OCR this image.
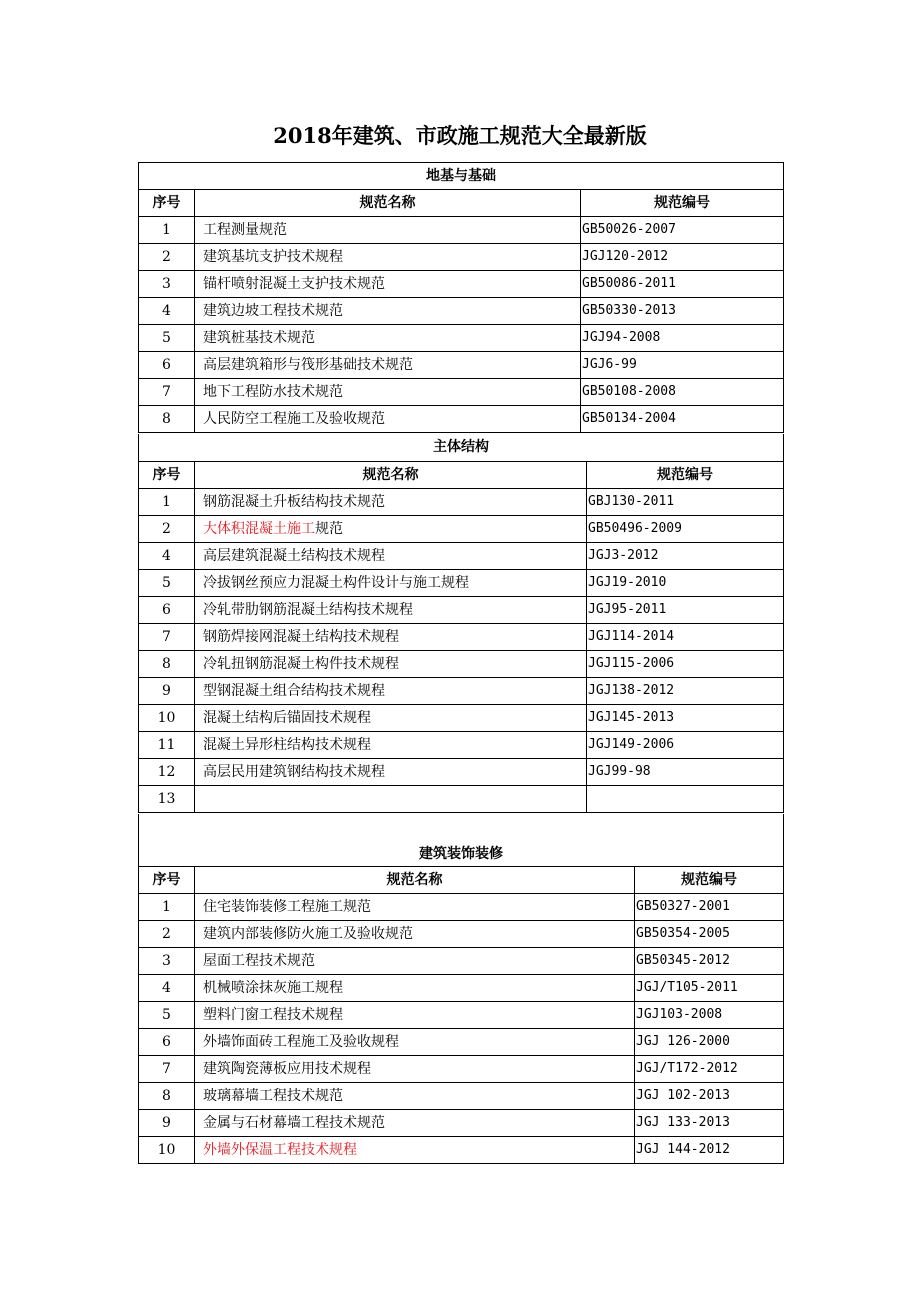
2018年建筑、市政施工规范大全最新版
地基与基础		
序号	规范名称	规范编号
1	工程测量规范	GB50026-2007
2	建筑基坑支护技术规程	JGJ120-2012
3	锚杆喷射混凝土支护技术规范	GB50086-2011
4	建筑边坡工程技术规范	GB50330-2013
5	建筑桩基技术规范	JGJ94-2008
6	高层建筑箱形与筏形基础技术规范	JGJ6-99
7	地下工程防水技术规范	GB50108-2008
8	人民防空工程施工及验收规范	GB50134-2004
主体结构		
序号	规范名称	规范编号
1	钢筋混凝土升板结构技术规范	GBJ130-2011
2	大体积混凝土施工规范	GB50496-2009
4	高层建筑混凝土结构技术规程	JGJ3-2012
5	冷拔钢丝预应力混凝土构件设计与施工规程	JGJ19-2010
6	冷轧带肋钢筋混凝土结构技术规程	JGJ95-2011
7	钢筋焊接网混凝土结构技术规程	JGJ114-2014
8	冷轧扭钢筋混凝土构件技术规程	JGJ115-2006
9	型钢混凝土组合结构技术规程	JGJ138-2012
10	混凝土结构后锚固技术规程	JGJ145-2013
11	混凝土异形柱结构技术规程	JGJ149-2006
12	高层民用建筑钢结构技术规程	JGJ99-98
13		
建筑装饰装修		
序号	规范名称	规范编号
1	住宅装饰装修工程施工规范	GB50327-2001
2	建筑内部装修防火施工及验收规范	GB50354-2005
3	屋面工程技术规范	GB50345-2012
4	机械喷涂抹灰施工规程	JGJ/T105-2011
5	塑料门窗工程技术规程	JGJ103-2008
6	外墙饰面砖工程施工及验收规程	JGJ 126-2000
7	建筑陶瓷薄板应用技术规程	JGJ/T172-2012
8	玻璃幕墙工程技术规范	JGJ 102-2013
9	金属与石材幕墙工程技术规范	JGJ 133-2013
10	外墙外保温工程技术规程	JGJ 144-2012
